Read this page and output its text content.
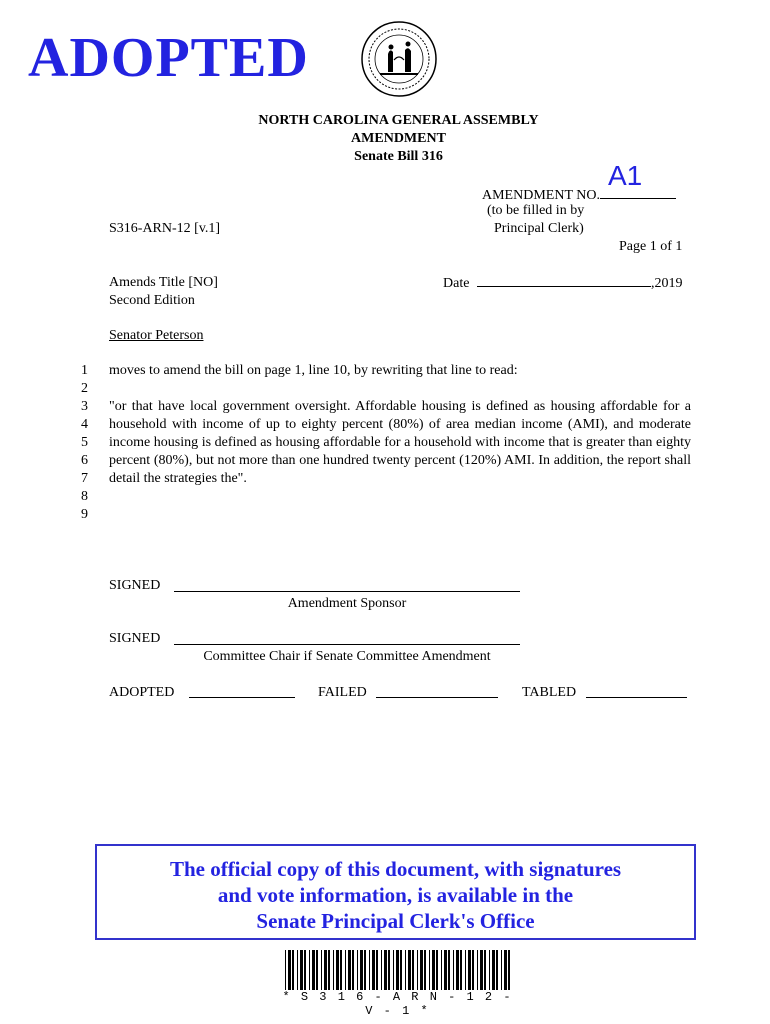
ADOPTED
NORTH CAROLINA GENERAL ASSEMBLY
AMENDMENT
Senate Bill 316
AMENDMENT NO.
A1
(to be filled in by
Principal Clerk)
S316-ARN-12 [v.1]
Page 1 of 1
Amends Title [NO]
Second Edition
Date	,2019
Senator Peterson
1
2
3
4
5
6
7
8
9
moves to amend the bill on page 1, line 10, by rewriting that line to read:
"or that have local government oversight. Affordable housing is defined as housing affordable for a household with income of up to eighty percent (80%) of area median income (AMI), and moderate income housing is defined as housing affordable for a household with income that is greater than eighty percent (80%), but not more than one hundred twenty percent (120%) AMI. In addition, the report shall detail the strategies the".
SIGNED
Amendment Sponsor
SIGNED
Committee Chair if Senate Committee Amendment
ADOPTED	FAILED	TABLED
The official copy of this document, with signatures
and vote information, is available in the
Senate Principal Clerk's Office
* S 3 1 6 - A R N - 1 2 - V - 1 *
